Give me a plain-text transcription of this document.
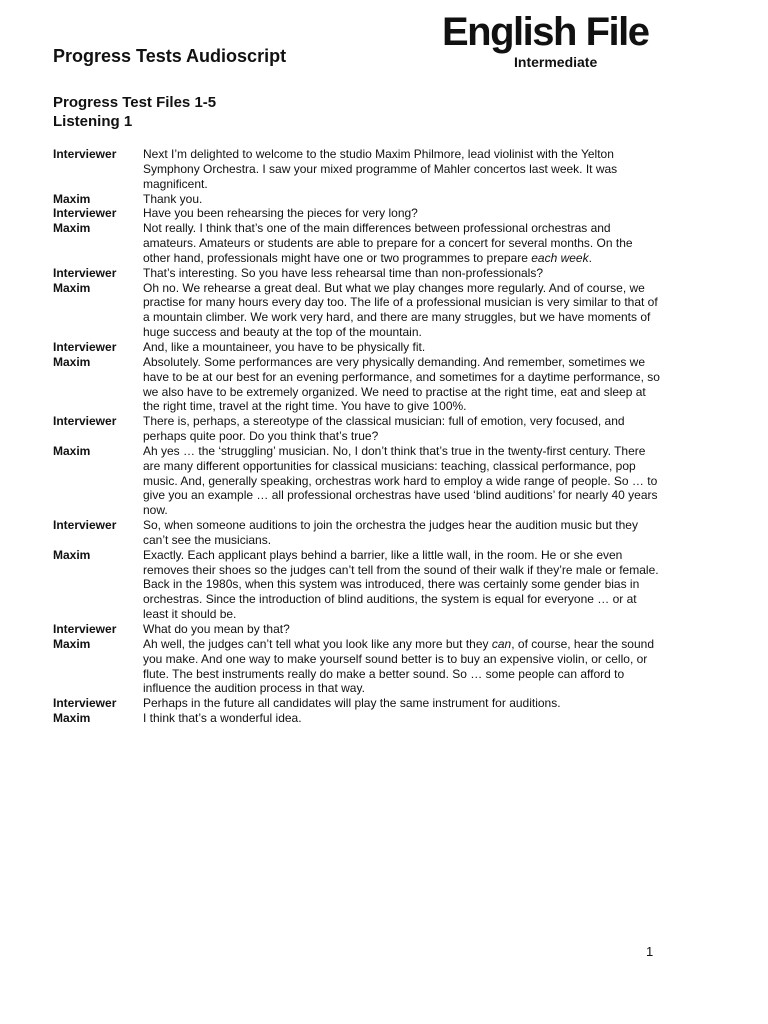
Progress Tests Audioscript
English File
Intermediate
Progress Test Files 1-5
Listening 1
Interviewer	Next I’m delighted to welcome to the studio Maxim Philmore, lead violinist with the Yelton Symphony Orchestra. I saw your mixed programme of Mahler concertos last week. It was magnificent.
Maxim	Thank you.
Interviewer	Have you been rehearsing the pieces for very long?
Maxim	Not really. I think that’s one of the main differences between professional orchestras and amateurs. Amateurs or students are able to prepare for a concert for several months. On the other hand, professionals might have one or two programmes to prepare each week.
Interviewer	That’s interesting. So you have less rehearsal time than non-professionals?
Maxim	Oh no. We rehearse a great deal. But what we play changes more regularly. And of course, we practise for many hours every day too. The life of a professional musician is very similar to that of a mountain climber. We work very hard, and there are many struggles, but we have moments of huge success and beauty at the top of the mountain.
Interviewer	And, like a mountaineer, you have to be physically fit.
Maxim	Absolutely. Some performances are very physically demanding. And remember, sometimes we have to be at our best for an evening performance, and sometimes for a daytime performance, so we also have to be extremely organized. We need to practise at the right time, eat and sleep at the right time, travel at the right time. You have to give 100%.
Interviewer	There is, perhaps, a stereotype of the classical musician: full of emotion, very focused, and perhaps quite poor. Do you think that’s true?
Maxim	Ah yes … the ‘struggling’ musician. No, I don’t think that’s true in the twenty-first century. There are many different opportunities for classical musicians: teaching, classical performance, pop music. And, generally speaking, orchestras work hard to employ a wide range of people. So … to give you an example … all professional orchestras have used ‘blind auditions’ for nearly 40 years now.
Interviewer	So, when someone auditions to join the orchestra the judges hear the audition music but they can’t see the musicians.
Maxim	Exactly. Each applicant plays behind a barrier, like a little wall, in the room. He or she even removes their shoes so the judges can’t tell from the sound of their walk if they’re male or female. Back in the 1980s, when this system was introduced, there was certainly some gender bias in orchestras. Since the introduction of blind auditions, the system is equal for everyone … or at least it should be.
Interviewer	What do you mean by that?
Maxim	Ah well, the judges can’t tell what you look like any more but they can, of course, hear the sound you make. And one way to make yourself sound better is to buy an expensive violin, or cello, or flute. The best instruments really do make a better sound. So … some people can afford to influence the audition process in that way.
Interviewer	Perhaps in the future all candidates will play the same instrument for auditions.
Maxim	I think that’s a wonderful idea.
1
